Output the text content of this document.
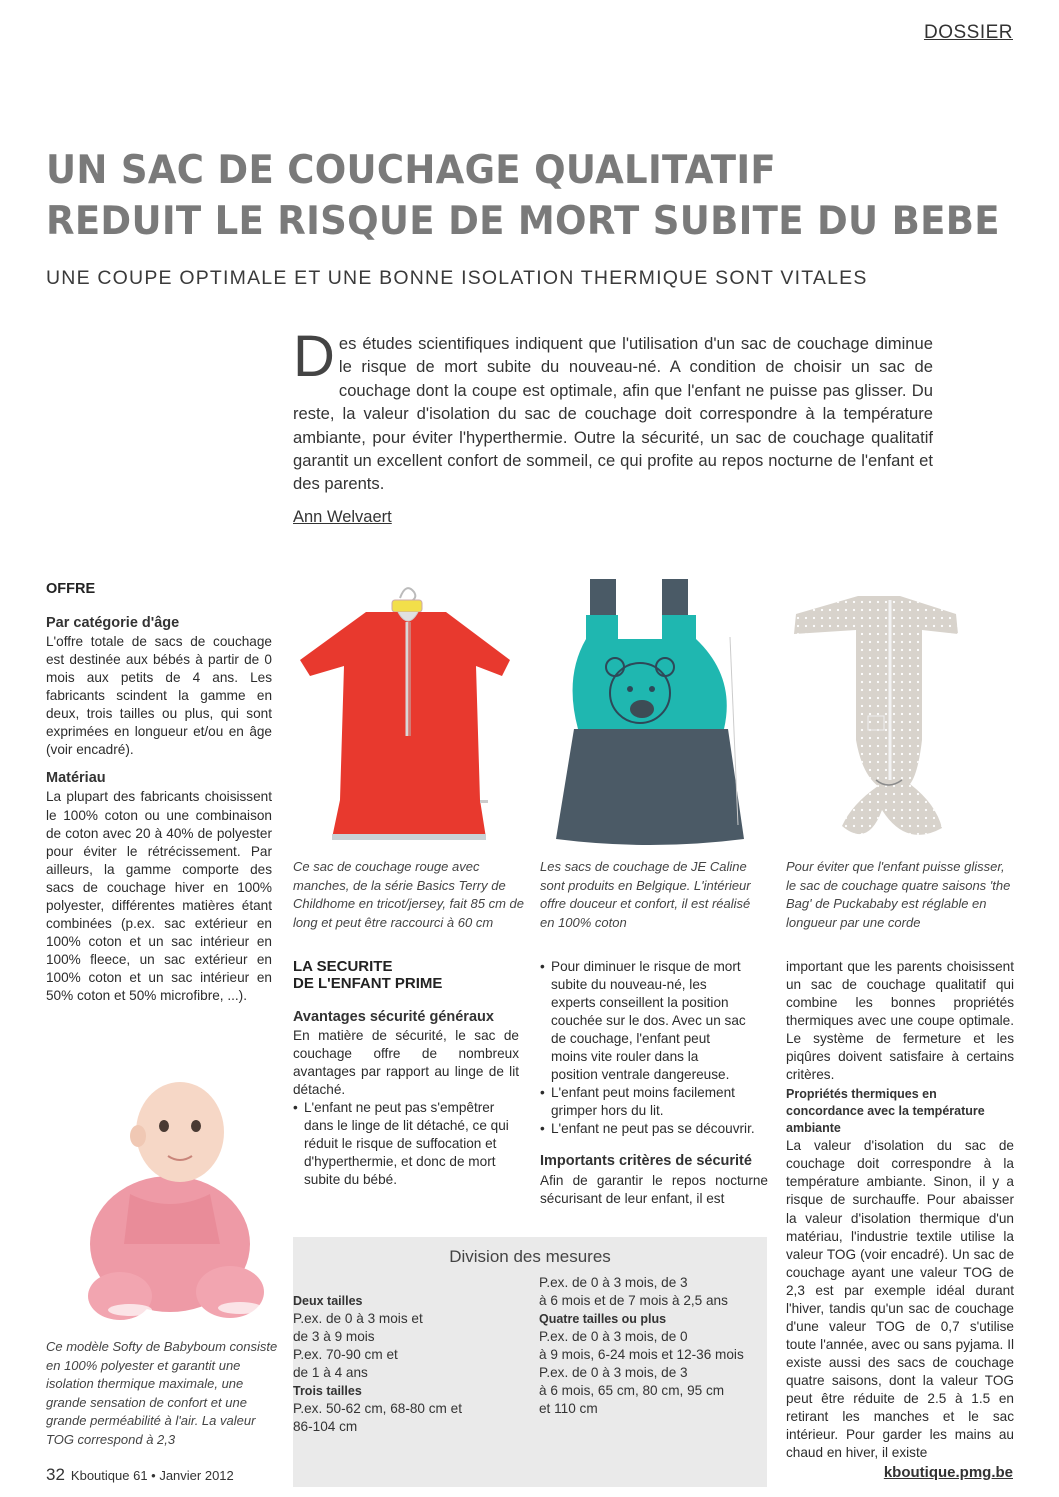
DOSSIER
UN SAC DE COUCHAGE QUALITATIF
REDUIT LE RISQUE DE MORT SUBITE DU BEBE
UNE COUPE OPTIMALE ET UNE BONNE ISOLATION THERMIQUE SONT VITALES
Des études scientifiques indiquent que l'utilisation d'un sac de couchage diminue le risque de mort subite du nouveau-né. A condition de choisir un sac de couchage dont la coupe est optimale, afin que l'enfant ne puisse pas glisser. Du reste, la valeur d'isolation du sac de couchage doit correspondre à la température ambiante, pour éviter l'hyperthermie. Outre la sécurité, un sac de couchage qualitatif garantit un excellent confort de sommeil, ce qui profite au repos nocturne de l'enfant et des parents.
Ann Welvaert
OFFRE
Par catégorie d'âge

L'offre totale de sacs de couchage est destinée aux bébés à partir de 0 mois aux petits de 4 ans. Les fabricants scindent la gamme en deux, trois tailles ou plus, qui sont exprimées en longueur et/ou en âge (voir encadré).

Matériau

La plupart des fabricants choisissent le 100% coton ou une combinaison de coton avec 20 à 40% de polyester pour éviter le rétrécissement. Par ailleurs, la gamme comporte des sacs de couchage hiver en 100% polyester, différentes matières étant combinées (p.ex. sac extérieur en 100% coton et un sac intérieur en 100% fleece, un sac extérieur en 100% coton et un sac intérieur en 50% coton et 50% microfibre, ...).

Ce sac de couchage rouge avec manches, de la série Basics Terry de Childhome en tricot/jersey, fait 85 cm de long et peut être raccourci à 60 cm
Les sacs de couchage de JE Caline sont produits en Belgique. L'intérieur offre douceur et confort, il est réalisé en 100% coton
Pour éviter que l'enfant puisse glisser, le sac de couchage quatre saisons 'the Bag' de Puckababy est réglable en longueur par une corde
Ce modèle Softy de Babyboum consiste en 100% polyester et garantit une isolation thermique maximale, une grande sensation de confort et une grande perméabilité à l'air. La valeur TOG correspond à 2,3
LA SECURITE
DE L'ENFANT PRIME
Avantages sécurité généraux

En matière de sécurité, le sac de couchage offre de nombreux avantages par rapport au linge de lit détaché.

• L'enfant ne peut pas s'empêtrer dans le linge de lit détaché, ce qui réduit le risque de suffocation et d'hyperthermie, et donc de mort subite du bébé.
• Pour diminuer le risque de mort subite du nouveau-né, les experts conseillent la position couchée sur le dos. Avec un sac de couchage, l'enfant peut moins vite rouler dans la position ventrale dangereuse.
• L'enfant peut moins facilement grimper hors du lit.
• L'enfant ne peut pas se découvrir.
Importants critères de sécurité

Afin de garantir le repos nocturne sécurisant de leur enfant, il est

important que les parents choisissent un sac de couchage qualitatif qui combine les bonnes propriétés thermiques avec une coupe optimale. Le système de fermeture et les piqûres doivent satisfaire à certains critères.

Propriétés thermiques en concordance avec la température ambiante

La valeur d'isolation du sac de couchage doit correspondre à la température ambiante. Sinon, il y a risque de surchauffe. Pour abaisser la valeur d'isolation thermique d'un matériau, l'industrie textile utilise la valeur TOG (voir encadré). Un sac de couchage ayant une valeur TOG de 2,3 est par exemple idéal durant l'hiver, tandis qu'un sac de couchage d'une valeur TOG de 0,7 s'utilise toute l'année, avec ou sans pyjama. Il existe aussi des sacs de couchage quatre saisons, dont la valeur TOG peut être réduite de 2.5 à 1.5 en retirant les manches et le sac intérieur. Pour garder les mains au chaud en hiver, il existe

Division des mesures
Deux tailles
P.ex. de 0 à 3 mois et
de 3 à 9 mois
P.ex. 70-90 cm et
de 1 à 4 ans
Trois tailles
P.ex. 50-62 cm, 68-80 cm et
86-104 cm
P.ex. de 0 à 3 mois, de 3
à 6 mois et de 7 mois à 2,5 ans
Quatre tailles ou plus
P.ex. de 0 à 3 mois, de 0
à 9 mois, 6-24 mois et 12-36 mois
P.ex. de 0 à 3 mois, de 3
à 6 mois, 65 cm, 80 cm, 95 cm
et 110 cm
32 Kboutique 61 • Janvier 2012	kboutique.pmg.be
